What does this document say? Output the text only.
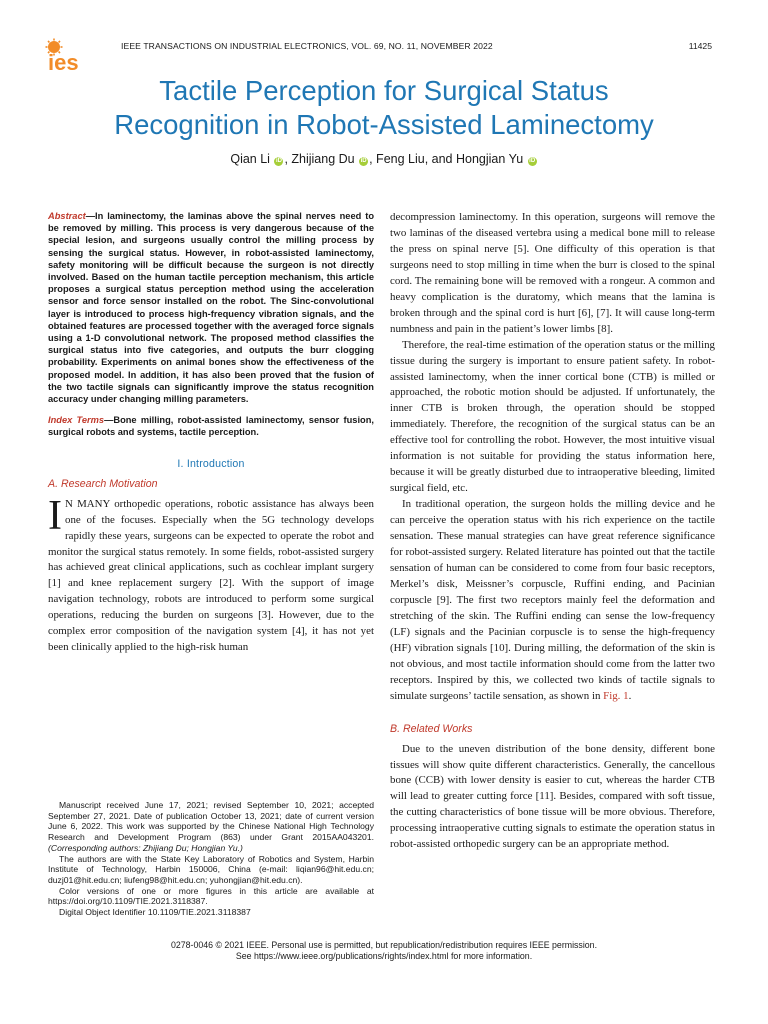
ies
IEEE TRANSACTIONS ON INDUSTRIAL ELECTRONICS, VOL. 69, NO. 11, NOVEMBER 2022	11425
Tactile Perception for Surgical Status
Recognition in Robot-Assisted Laminectomy
Qian Li iD , Zhijiang Du iD , Feng Liu, and Hongjian Yu iD

Abstract—In laminectomy, the laminas above the spinal nerves need to be removed by milling. This process is very dangerous because of the special lesion, and surgeons usually control the milling process by sensing the surgical status. However, in robot-assisted laminectomy, safety monitoring will be difficult because the surgeon is not directly involved. Based on the human tactile perception mechanism, this article proposes a surgical status perception method using the acceleration sensor and force sensor installed on the robot. The Sinc-convolutional layer is introduced to process high-frequency vibration signals, and the obtained features are processed together with the averaged force signals using a 1-D convolutional network. The proposed method classifies the surgical status into five categories, and outputs the burr clogging probability. Experiments on animal bones show the effectiveness of the proposed model. In addition, it has also been proved that the fusion of the two tactile signals can significantly improve the status recognition accuracy under changing milling parameters.

Index Terms—Bone milling, robot-assisted laminectomy, sensor fusion, surgical robots and systems, tactile perception.

I. Introduction
A. Research Motivation

I N MANY orthopedic operations, robotic assistance has always been one of the focuses. Especially when the 5G technology develops rapidly these years, surgeons can be expected to operate the robot and monitor the surgical status remotely. In some fields, robot-assisted surgery has achieved great clinical applications, such as cochlear implant surgery [1] and knee replacement surgery [2]. With the support of image navigation technology, robots are introduced to perform some surgical operations, reducing the burden on surgeons [3]. However, due to the complex error composition of the navigation system [4], it has not yet been clinically applied to the high-risk human

Manuscript received June 17, 2021; revised September 10, 2021; accepted September 27, 2021. Date of publication October 13, 2021; date of current version June 6, 2022. This work was supported by the Chinese National High Technology Research and Development Program (863) under Grant 2015AA043201. (Corresponding authors: Zhijiang Du; Hongjian Yu.)

The authors are with the State Key Laboratory of Robotics and System, Harbin Institute of Technology, Harbin 150006, China (e-mail: liqian96@hit.edu.cn; duzj01@hit.edu.cn; liufeng98@hit.edu.cn; yuhongjian@hit.edu.cn).

Color versions of one or more figures in this article are available at https://doi.org/10.1109/TIE.2021.3118387.

Digital Object Identifier 10.1109/TIE.2021.3118387

decompression laminectomy. In this operation, surgeons will remove the two laminas of the diseased vertebra using a medical bone mill to release the press on spinal nerve [5]. One difficulty of this operation is that surgeons need to stop milling in time when the burr is closed to the spinal cord. The remaining bone will be removed with a rongeur. A common and heavy complication is the duratomy, which means that the lamina is broken through and the spinal cord is hurt [6], [7]. It will cause long-term numbness and pain in the patient’s lower limbs [8].

Therefore, the real-time estimation of the operation status or the milling tissue during the surgery is important to ensure patient safety. In robot-assisted laminectomy, when the inner cortical bone (CTB) is milled or approached, the robotic motion should be adjusted. If unfortunately, the inner CTB is broken through, the operation should be stopped immediately. Therefore, the recognition of the surgical status can be an effective tool for controlling the robot. However, the most intuitive visual information is not suitable for providing the status information here, because it will be greatly disturbed due to intraoperative bleeding, limited surgical field, etc.

In traditional operation, the surgeon holds the milling device and he can perceive the operation status with his rich experience on the tactile sensation. These manual strategies can have great reference significance for robot-assisted surgery. Related literature has pointed out that the tactile sensation of human can be considered to come from four basic receptors, Merkel’s disk, Meissner’s corpuscle, Ruffini ending, and Pacinian corpuscle [9]. The first two receptors mainly feel the deformation and stretching of the skin. The Ruffini ending can sense the low-frequency (LF) signals and the Pacinian corpuscle is to sense the high-frequency (HF) vibration signals [10]. During milling, the deformation of the skin is not obvious, and most tactile information should come from the latter two receptors. Inspired by this, we collected two kinds of tactile signals to simulate surgeons’ tactile sensation, as shown in Fig. 1.

B. Related Works

Due to the uneven distribution of the bone density, different bone tissues will show quite different characteristics. Generally, the cancellous bone (CCB) with lower density is easier to cut, whereas the harder CTB will lead to greater cutting force [11]. Besides, compared with soft tissue, the cutting characteristics of bone tissue will be more obvious. Therefore, processing intraoperative cutting signals to estimate the operation status in robot-assisted orthopedic surgery can be an appropriate method.

0278-0046 © 2021 IEEE. Personal use is permitted, but republication/redistribution requires IEEE permission.
See https://www.ieee.org/publications/rights/index.html for more information.
